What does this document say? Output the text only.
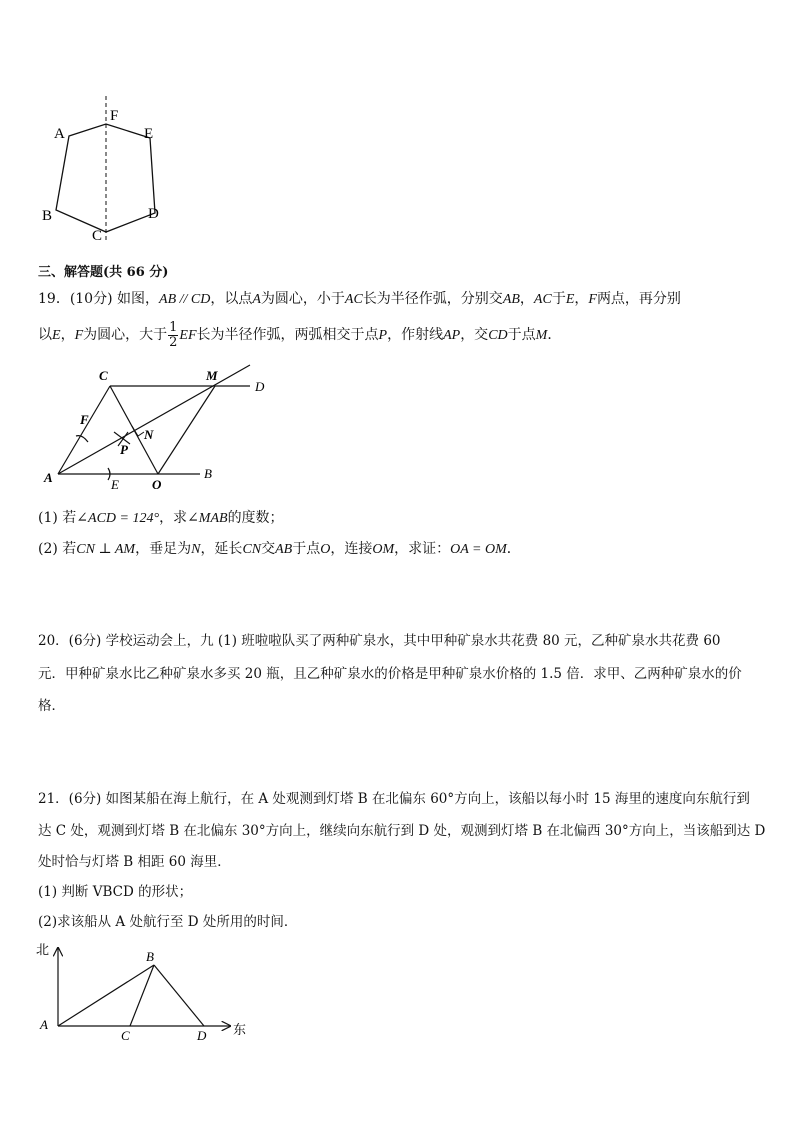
A
F
E
B
C
D
三、解答题(共 66 分)
19．(10分) 如图，AB // CD，以点A为圆心，小于AC长为半径作弧，分别交AB，AC于E，F两点，再分别
以E，F为圆心，大于 $\frac{1}{2}$ EF长为半径作弧，两弧相交于点P，作射线AP，交CD于点M．
C	M
D
F
N
P
A	E	O
B
(1) 若∠ACD = 124°，求∠MAB的度数；
(2) 若CN ⊥ AM，垂足为N，延长CN交AB于点O，连接OM，求证：OA = OM．
20．(6分) 学校运动会上，九 (1) 班啦啦队买了两种矿泉水，其中甲种矿泉水共花费 80 元，乙种矿泉水共花费 60
元．甲种矿泉水比乙种矿泉水多买 20 瓶，且乙种矿泉水的价格是甲种矿泉水价格的 1.5 倍．求甲、乙两种矿泉水的价
格．
21．(6分) 如图某船在海上航行，在 A 处观测到灯塔 B 在北偏东 60°方向上，该船以每小时 15 海里的速度向东航行到
达 C 处，观测到灯塔 B 在北偏东 30°方向上，继续向东航行到 D 处，观测到灯塔 B 在北偏西 30°方向上，当该船到达 D
处时恰与灯塔 B 相距 60 海里．
(1) 判断 VBCD 的形状；
(2)求该船从 A 处航行至 D 处所用的时间．
北	B
A
C	D 东
